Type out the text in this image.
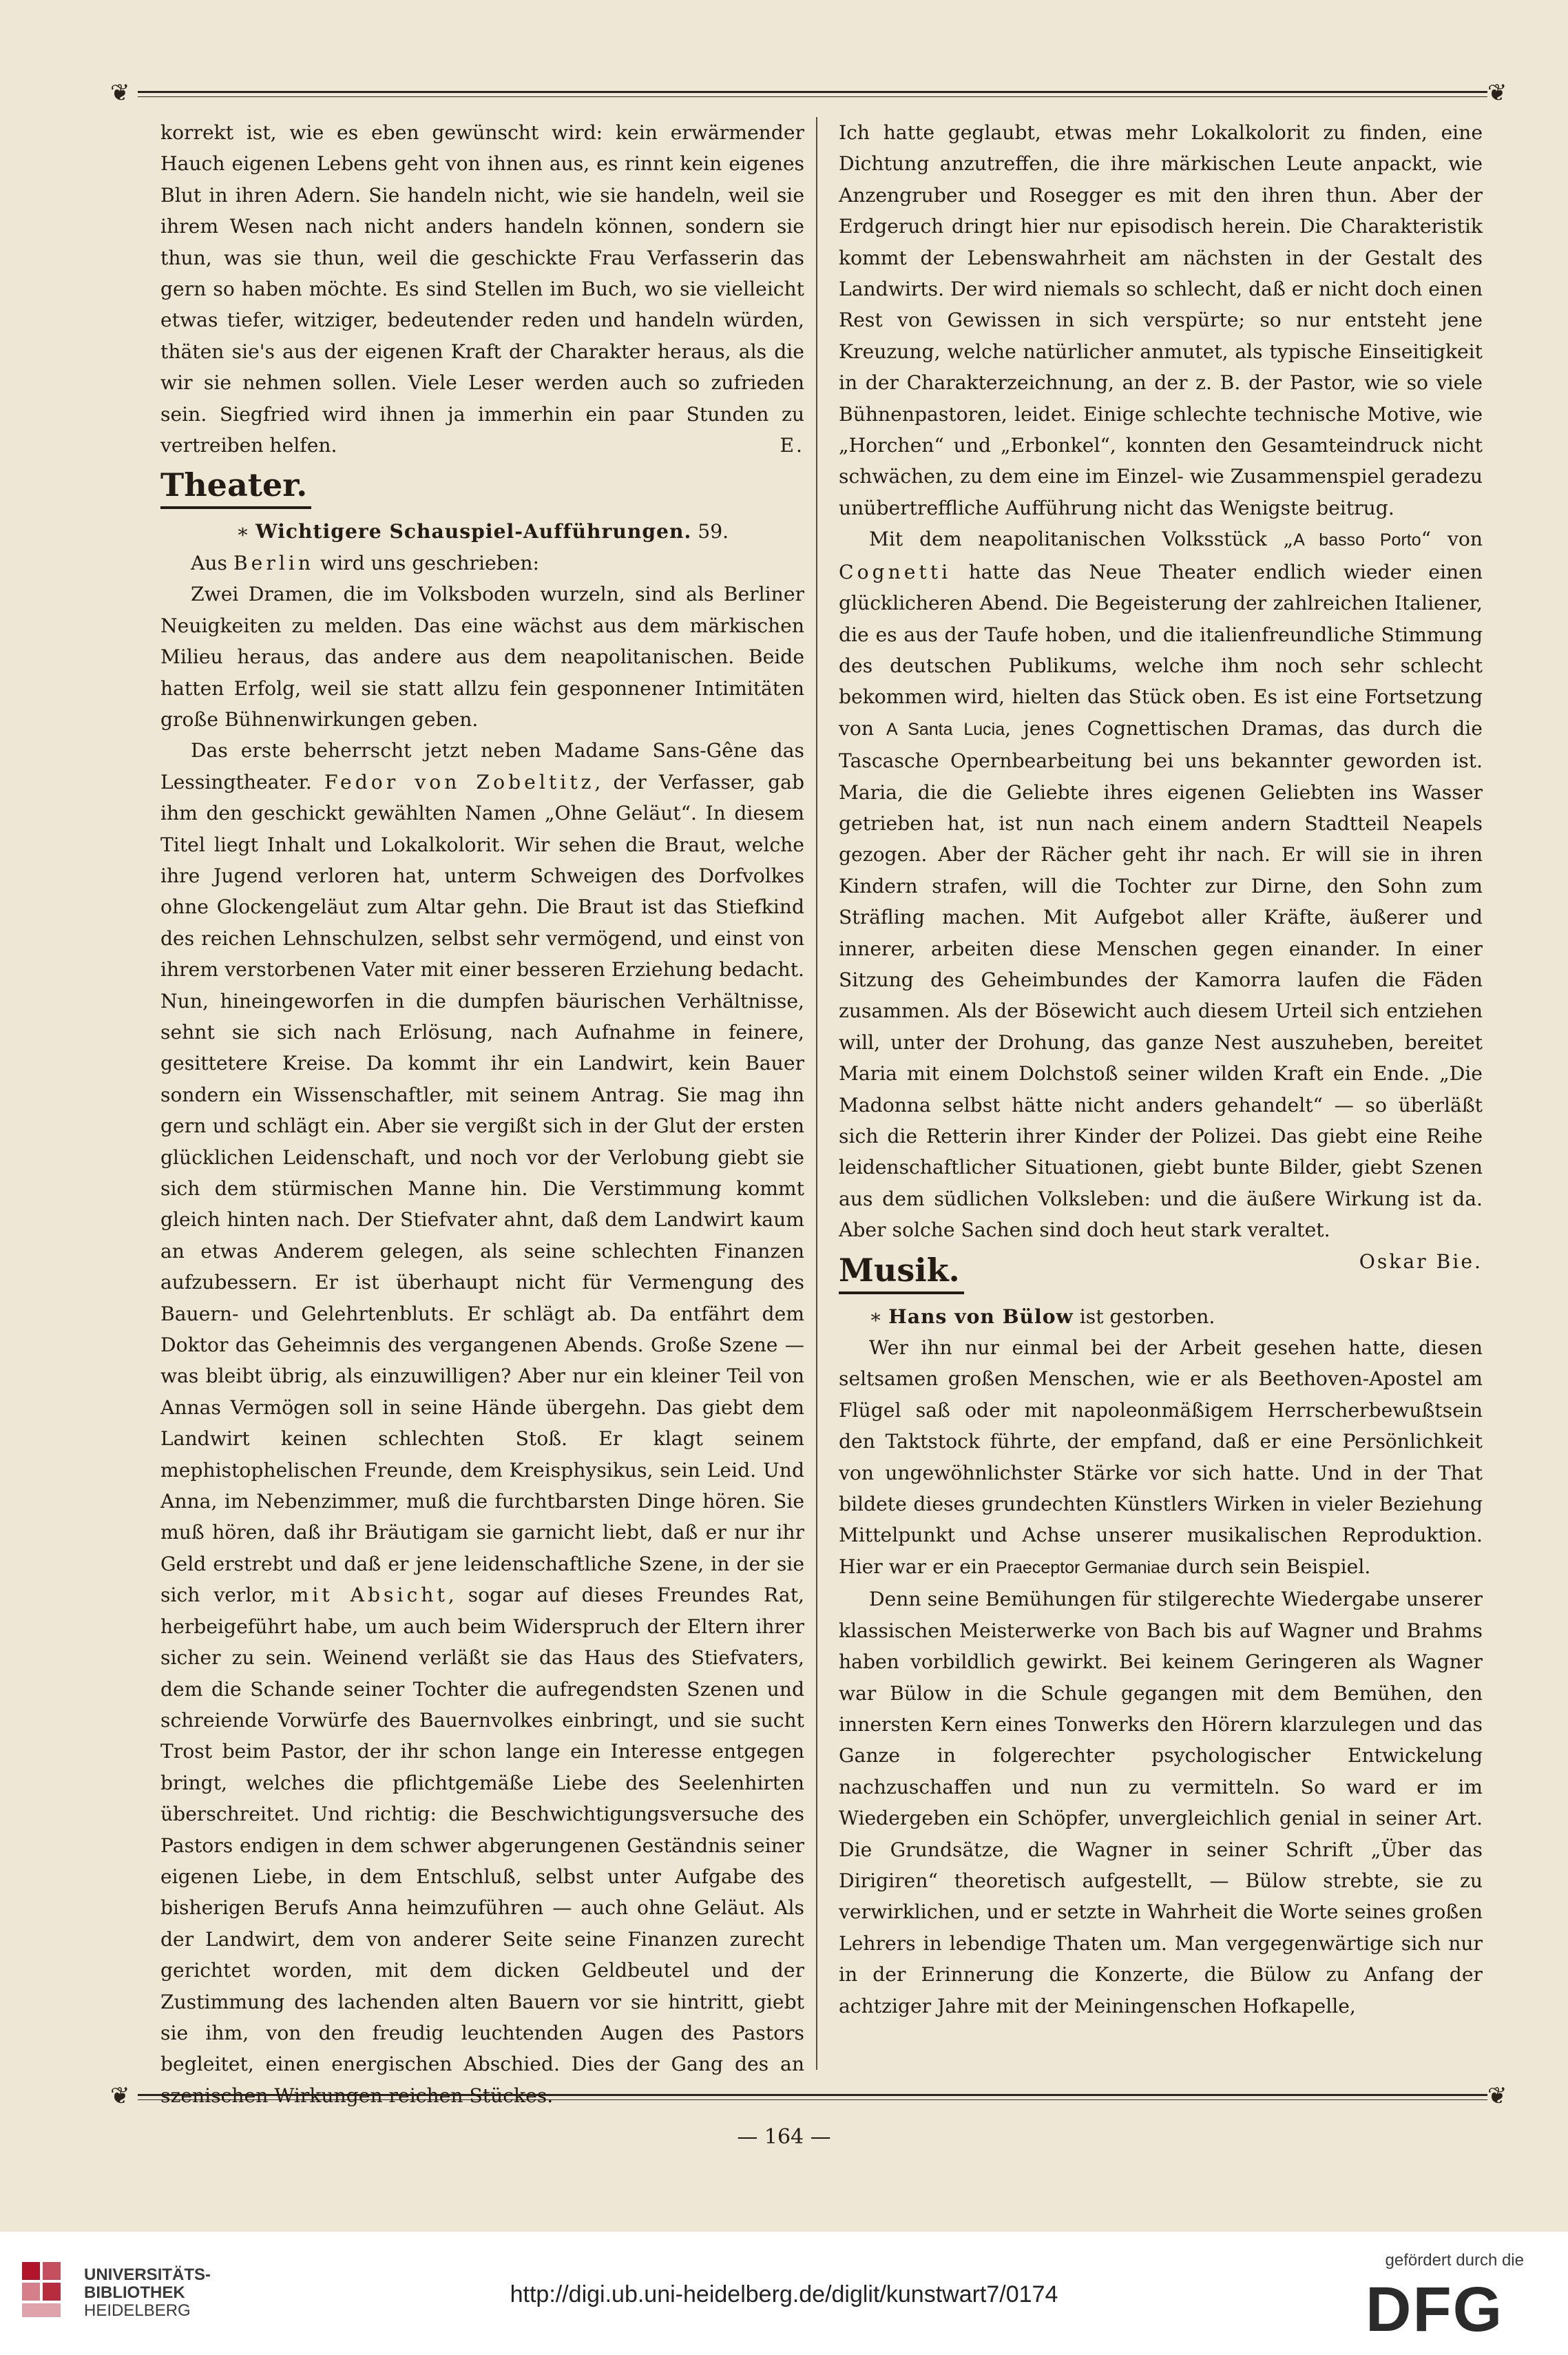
❦	❦
❦	❦

korrekt ist, wie es eben gewünscht wird: kein erwärmender Hauch eigenen Lebens geht von ihnen aus, es rinnt kein eigenes Blut in ihren Adern. Sie handeln nicht, wie sie handeln, weil sie ihrem Wesen nach nicht anders handeln können, sondern sie thun, was sie thun, weil die geschickte Frau Verfasserin das gern so haben möchte. Es sind Stellen im Buch, wo sie vielleicht etwas tiefer, witziger, bedeutender reden und handeln würden, thäten sie's aus der eigenen Kraft der Charakter heraus, als die wir sie nehmen sollen. Viele Leser werden auch so zufrieden sein. Siegfried wird ihnen ja immerhin ein paar Stunden zu vertreiben helfen.	E.

Theater.

∗ Wichtigere Schauspiel-Aufführungen. 59.

Aus Berlin wird uns geschrieben:

Zwei Dramen, die im Volksboden wurzeln, sind als Berliner Neuigkeiten zu melden. Das eine wächst aus dem märkischen Milieu heraus, das andere aus dem neapolitanischen. Beide hatten Erfolg, weil sie statt allzu fein gesponnener Intimitäten große Bühnenwirkungen geben.

Das erste beherrscht jetzt neben Madame Sans-Gêne das Lessingtheater. Fedor von Zobeltitz, der Verfasser, gab ihm den geschickt gewählten Namen „Ohne Geläut“. In diesem Titel liegt Inhalt und Lokalkolorit. Wir sehen die Braut, welche ihre Jugend verloren hat, unterm Schweigen des Dorfvolkes ohne Glockengeläut zum Altar gehn. Die Braut ist das Stiefkind des reichen Lehnschulzen, selbst sehr vermögend, und einst von ihrem verstorbenen Vater mit einer besseren Erziehung bedacht. Nun, hineingeworfen in die dumpfen bäurischen Verhältnisse, sehnt sie sich nach Erlösung, nach Aufnahme in feinere, gesittetere Kreise. Da kommt ihr ein Landwirt, kein Bauer sondern ein Wissenschaftler, mit seinem Antrag. Sie mag ihn gern und schlägt ein. Aber sie vergißt sich in der Glut der ersten glücklichen Leidenschaft, und noch vor der Verlobung giebt sie sich dem stürmischen Manne hin. Die Verstimmung kommt gleich hinten nach. Der Stiefvater ahnt, daß dem Landwirt kaum an etwas Anderem gelegen, als seine schlechten Finanzen aufzubessern. Er ist überhaupt nicht für Vermengung des Bauern- und Gelehrtenbluts. Er schlägt ab. Da entfährt dem Doktor das Geheimnis des vergangenen Abends. Große Szene — was bleibt übrig, als einzuwilligen? Aber nur ein kleiner Teil von Annas Vermögen soll in seine Hände übergehn. Das giebt dem Landwirt keinen schlechten Stoß. Er klagt seinem mephistophelischen Freunde, dem Kreisphysikus, sein Leid. Und Anna, im Nebenzimmer, muß die furchtbarsten Dinge hören. Sie muß hören, daß ihr Bräutigam sie garnicht liebt, daß er nur ihr Geld erstrebt und daß er jene leidenschaftliche Szene, in der sie sich verlor, mit Absicht, sogar auf dieses Freundes Rat, herbeigeführt habe, um auch beim Widerspruch der Eltern ihrer sicher zu sein. Weinend verläßt sie das Haus des Stiefvaters, dem die Schande seiner Tochter die aufregendsten Szenen und schreiende Vorwürfe des Bauernvolkes einbringt, und sie sucht Trost beim Pastor, der ihr schon lange ein Interesse entgegen bringt, welches die pflichtgemäße Liebe des Seelenhirten überschreitet. Und richtig: die Beschwichtigungsversuche des Pastors endigen in dem schwer abgerungenen Geständnis seiner eigenen Liebe, in dem Entschluß, selbst unter Aufgabe des bisherigen Berufs Anna heimzuführen — auch ohne Geläut. Als der Landwirt, dem von anderer Seite seine Finanzen zurecht gerichtet worden, mit dem dicken Geldbeutel und der Zustimmung des lachenden alten Bauern vor sie hintritt, giebt sie ihm, von den freudig leuchtenden Augen des Pastors begleitet, einen energischen Abschied. Dies der Gang des an szenischen Wirkungen reichen Stückes.

Ich hatte geglaubt, etwas mehr Lokalkolorit zu finden, eine Dichtung anzutreffen, die ihre märkischen Leute anpackt, wie Anzengruber und Rosegger es mit den ihren thun. Aber der Erdgeruch dringt hier nur episodisch herein. Die Charakteristik kommt der Lebenswahrheit am nächsten in der Gestalt des Landwirts. Der wird niemals so schlecht, daß er nicht doch einen Rest von Gewissen in sich verspürte; so nur entsteht jene Kreuzung, welche natürlicher anmutet, als typische Einseitigkeit in der Charakterzeichnung, an der z. B. der Pastor, wie so viele Bühnenpastoren, leidet. Einige schlechte technische Motive, wie „Horchen“ und „Erbonkel“, konnten den Gesamteindruck nicht schwächen, zu dem eine im Einzel- wie Zusammenspiel geradezu unübertreffliche Aufführung nicht das Wenigste beitrug.

Mit dem neapolitanischen Volksstück „A basso Porto“ von Cognetti hatte das Neue Theater endlich wieder einen glücklicheren Abend. Die Begeisterung der zahlreichen Italiener, die es aus der Taufe hoben, und die italienfreundliche Stimmung des deutschen Publikums, welche ihm noch sehr schlecht bekommen wird, hielten das Stück oben. Es ist eine Fortsetzung von A Santa Lucia, jenes Cognettischen Dramas, das durch die Tascasche Opernbearbeitung bei uns bekannter geworden ist. Maria, die die Geliebte ihres eigenen Geliebten ins Wasser getrieben hat, ist nun nach einem andern Stadtteil Neapels gezogen. Aber der Rächer geht ihr nach. Er will sie in ihren Kindern strafen, will die Tochter zur Dirne, den Sohn zum Sträfling machen. Mit Aufgebot aller Kräfte, äußerer und innerer, arbeiten diese Menschen gegen einander. In einer Sitzung des Geheimbundes der Kamorra laufen die Fäden zusammen. Als der Bösewicht auch diesem Urteil sich entziehen will, unter der Drohung, das ganze Nest auszuheben, bereitet Maria mit einem Dolchstoß seiner wilden Kraft ein Ende. „Die Madonna selbst hätte nicht anders gehandelt“ — so überläßt sich die Retterin ihrer Kinder der Polizei. Das giebt eine Reihe leidenschaftlicher Situationen, giebt bunte Bilder, giebt Szenen aus dem südlichen Volksleben: und die äußere Wirkung ist da. Aber solche Sachen sind doch heut stark veraltet.
Oskar Bie.

Musik.

∗ Hans von Bülow ist gestorben.

Wer ihn nur einmal bei der Arbeit gesehen hatte, diesen seltsamen großen Menschen, wie er als Beethoven-Apostel am Flügel saß oder mit napoleonmäßigem Herrscherbewußtsein den Taktstock führte, der empfand, daß er eine Persönlichkeit von ungewöhnlichster Stärke vor sich hatte. Und in der That bildete dieses grundechten Künstlers Wirken in vieler Beziehung Mittelpunkt und Achse unserer musikalischen Reproduktion. Hier war er ein Praeceptor Germaniae durch sein Beispiel.

Denn seine Bemühungen für stilgerechte Wiedergabe unserer klassischen Meisterwerke von Bach bis auf Wagner und Brahms haben vorbildlich gewirkt. Bei keinem Geringeren als Wagner war Bülow in die Schule gegangen mit dem Bemühen, den innersten Kern eines Tonwerks den Hörern klarzulegen und das Ganze in folgerechter psychologischer Entwickelung nachzuschaffen und nun zu vermitteln. So ward er im Wiedergeben ein Schöpfer, unvergleichlich genial in seiner Art. Die Grundsätze, die Wagner in seiner Schrift „Über das Dirigiren“ theoretisch aufgestellt, — Bülow strebte, sie zu verwirklichen, und er setzte in Wahrheit die Worte seines großen Lehrers in lebendige Thaten um. Man vergegenwärtige sich nur in der Erinnerung die Konzerte, die Bülow zu Anfang der achtziger Jahre mit der Meiningenschen Hofkapelle,

— 164 —
UNIVERSITÄTS-
BIBLIOTHEK
HEIDELBERG
http://digi.ub.uni-heidelberg.de/diglit/kunstwart7/0174
gefördert durch die
DFG
